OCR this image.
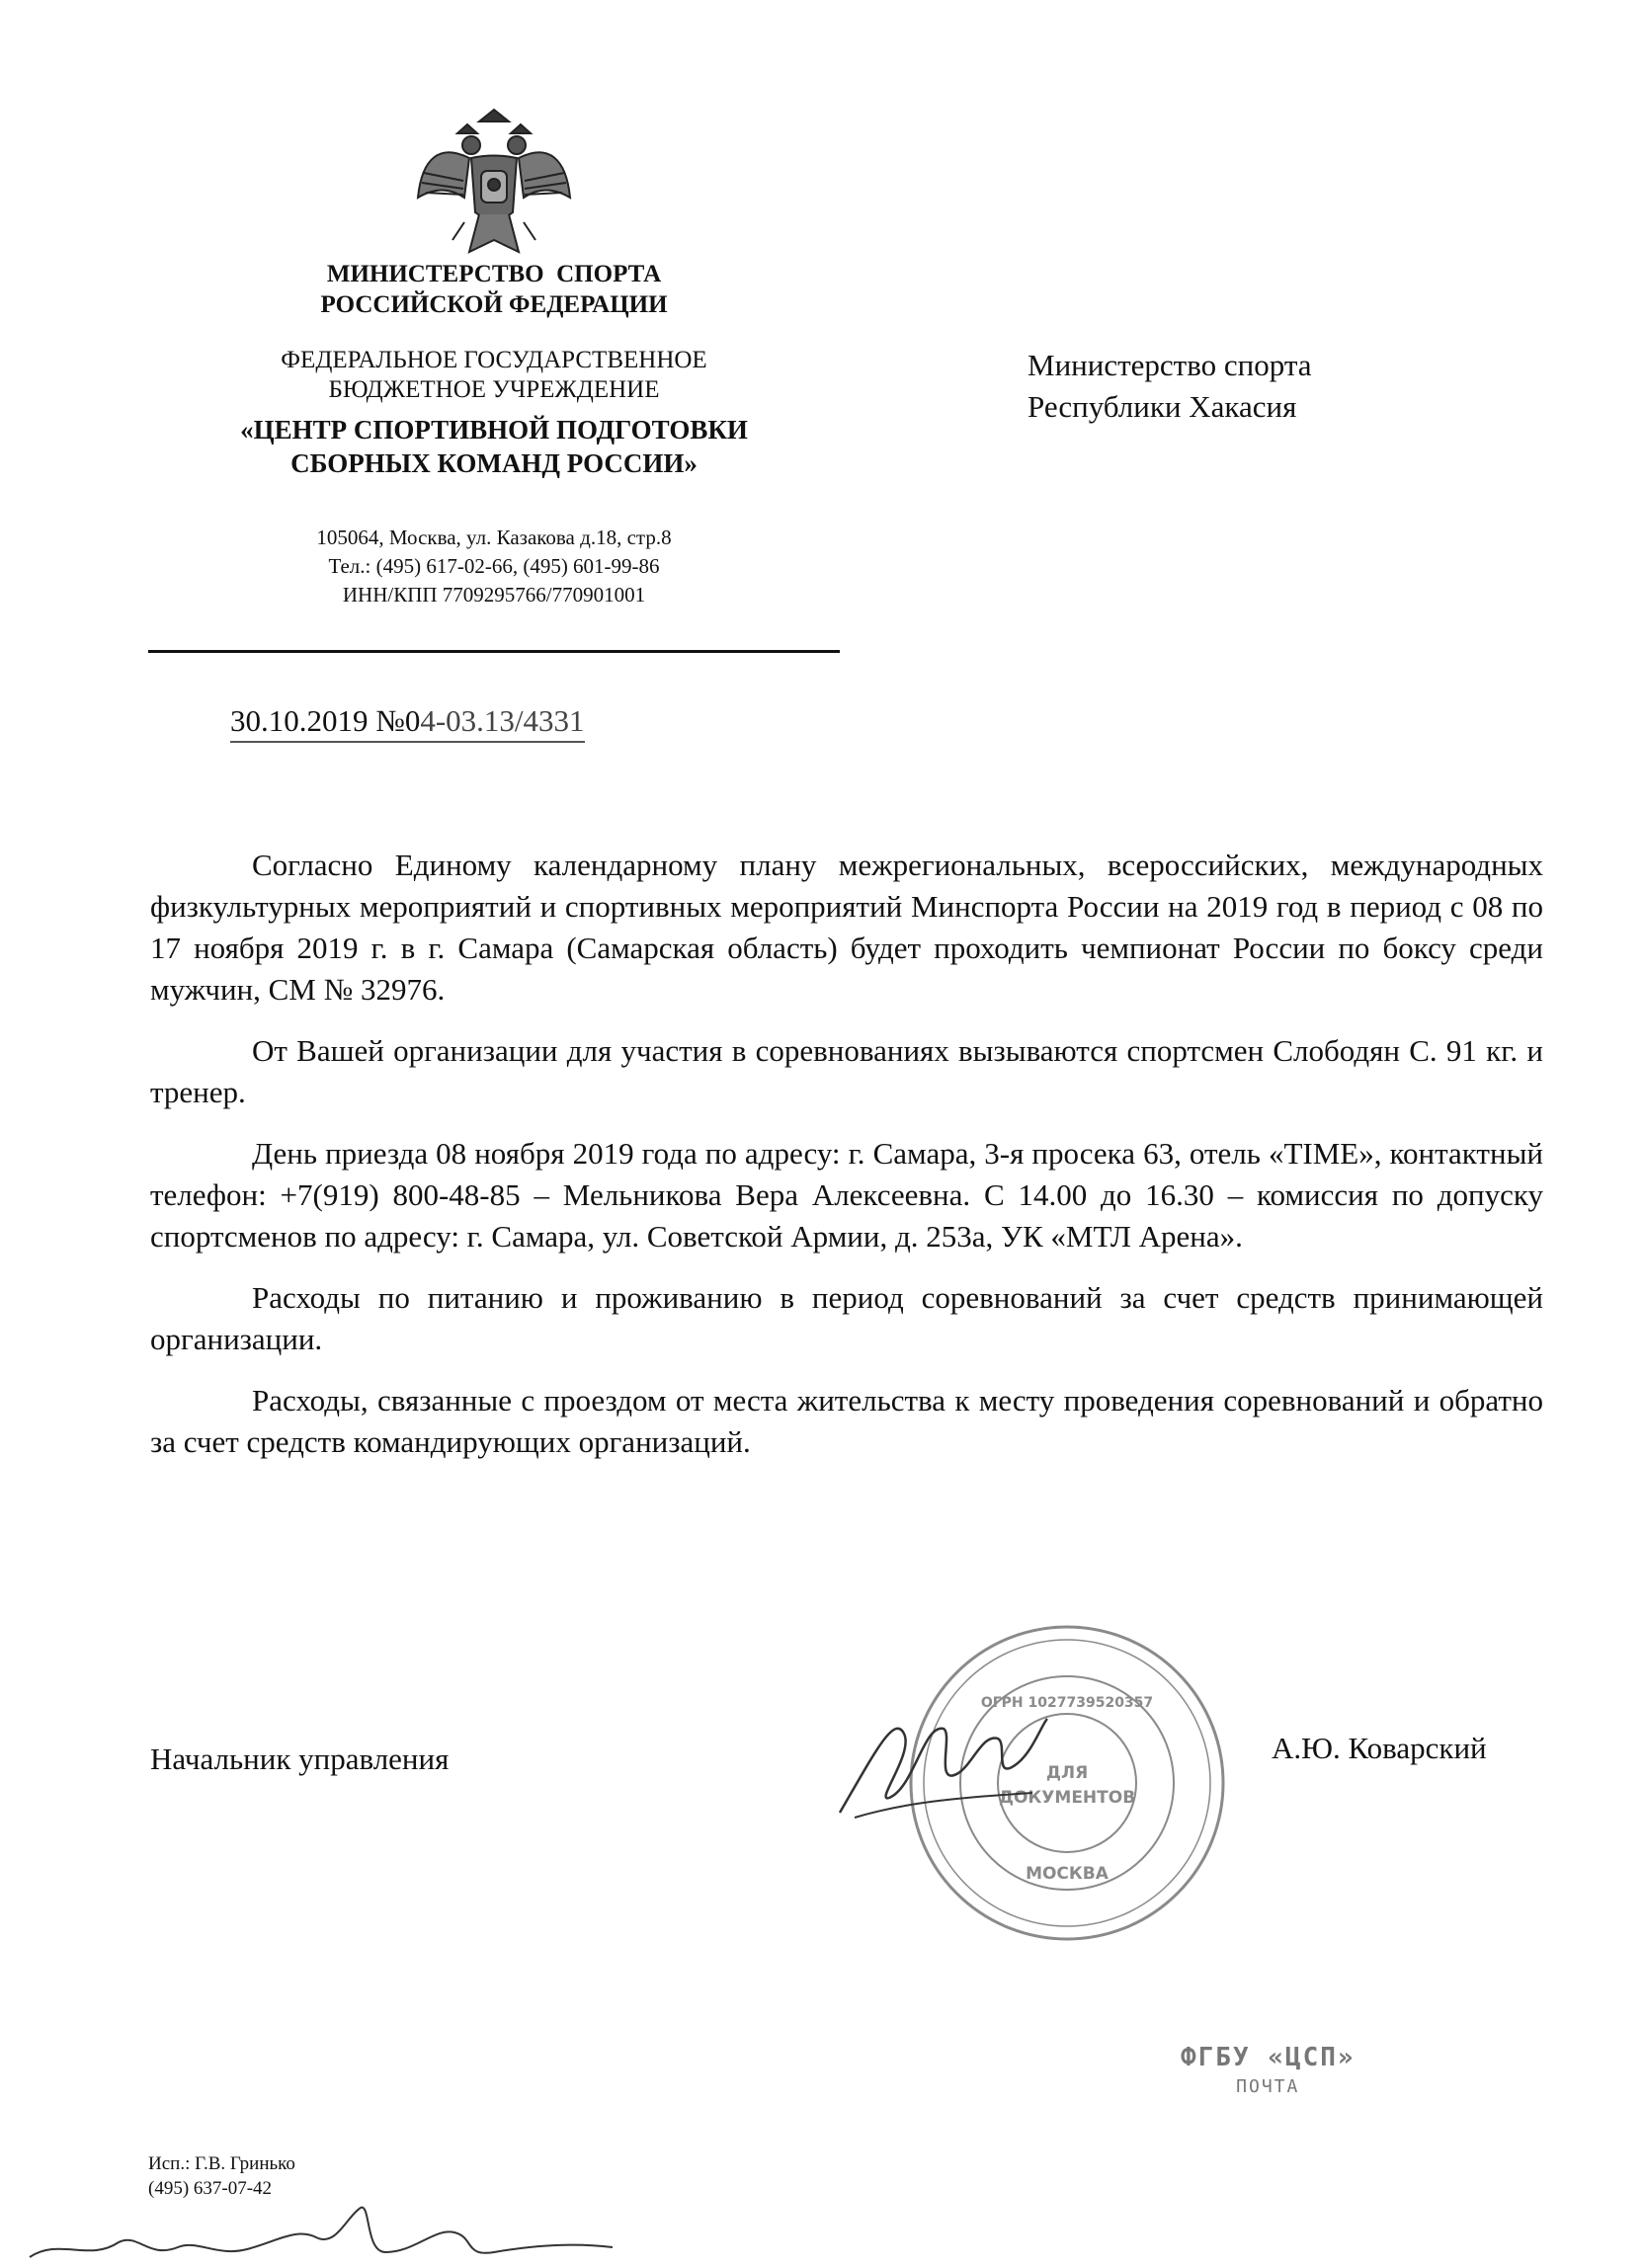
МИНИСТЕРСТВО  СПОРТА
РОССИЙСКОЙ ФЕДЕРАЦИИ
ФЕДЕРАЛЬНОЕ ГОСУДАРСТВЕННОЕ
БЮДЖЕТНОЕ УЧРЕЖДЕНИЕ
«ЦЕНТР СПОРТИВНОЙ ПОДГОТОВКИ
СБОРНЫХ КОМАНД РОССИИ»
105064, Москва, ул. Казакова д.18, стр.8
Тел.: (495) 617-02-66, (495) 601-99-86
ИНН/КПП 7709295766/770901001
Министерство спорта
Республики Хакасия
30.10.2019 №04-03.13/4331

Согласно Единому календарному плану межрегиональных, всероссийских, международных физкультурных мероприятий и спортивных мероприятий Минспорта России на 2019 год в период с 08 по 17 ноября 2019 г. в г. Самара (Самарская область) будет проходить чемпионат России по боксу среди мужчин, СМ № 32976.

От Вашей организации для участия в соревнованиях вызываются спортсмен Слободян С. 91 кг. и тренер.

День приезда 08 ноября 2019 года по адресу: г. Самара, 3-я просека 63, отель «TIME», контактный телефон: +7(919) 800-48-85 – Мельникова Вера Алексеевна. С 14.00 до 16.30 – комиссия по допуску спортсменов по адресу: г. Самара, ул. Советской Армии, д. 253а, УК «МТЛ Арена».

Расходы по питанию и проживанию в период соревнований за счет средств принимающей организации.

Расходы, связанные с проездом от места жительства к месту проведения соревнований и обратно за счет средств командирующих организаций.

Начальник управления	А.Ю. Коварский
ДЛЯ
ДОКУМЕНТОВ
МОСКВА
ОГРН 1027739520357
ФГБУ «ЦСП»
ПОЧТА
Исп.: Г.В. Гринько
(495) 637-07-42
